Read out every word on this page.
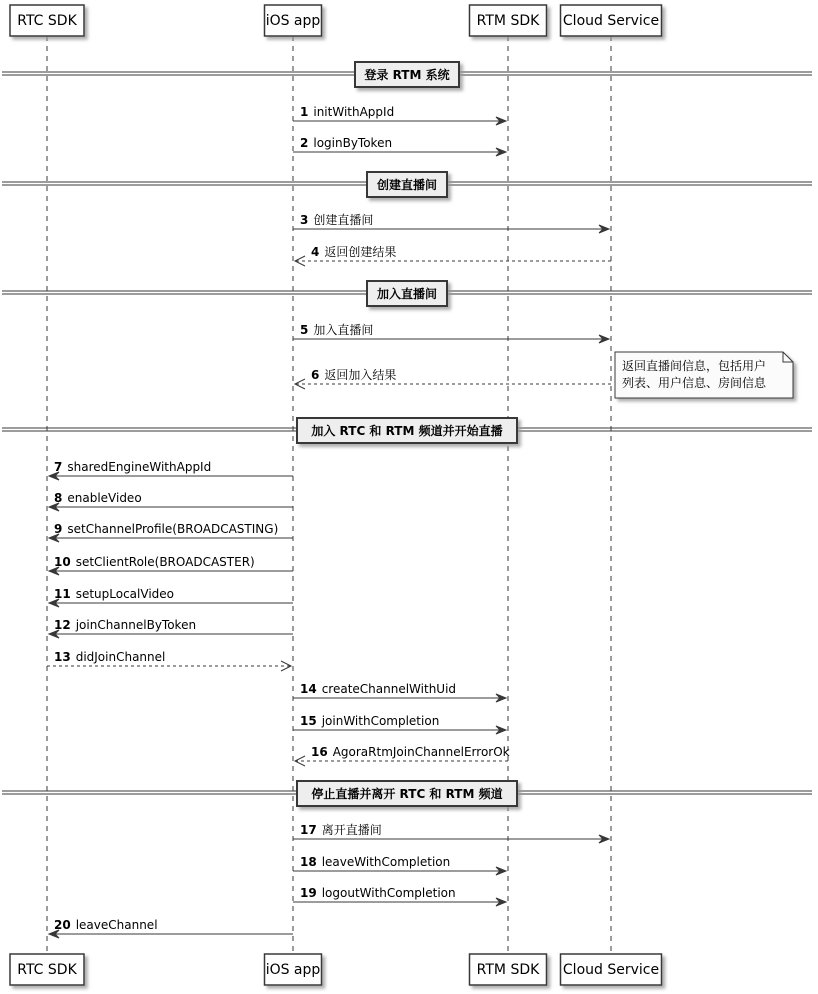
1 initWithAppId
2 loginByToken
3 创建直播间
4 返回创建结果
5 加入直播间
6 返回加入结果
7 sharedEngineWithAppId
8 enableVideo
9 setChannelProfile(BROADCASTING)
10 setClientRole(BROADCASTER)
11 setupLocalVideo
12 joinChannelByToken
13 didJoinChannel
14 createChannelWithUid
15 joinWithCompletion
16 AgoraRtmJoinChannelErrorOk
17 离开直播间
18 leaveWithCompletion
19 logoutWithCompletion
20 leaveChannel
登录 RTM 系统
创建直播间
加入直播间
加入 RTC 和 RTM 频道并开始直播
停止直播并离开 RTC 和 RTM 频道
返回直播间信息，包括用户
列表、用户信息、房间信息
RTC SDK
RTC SDK
iOS app
iOS app
RTM SDK
RTM SDK
Cloud Service
Cloud Service
